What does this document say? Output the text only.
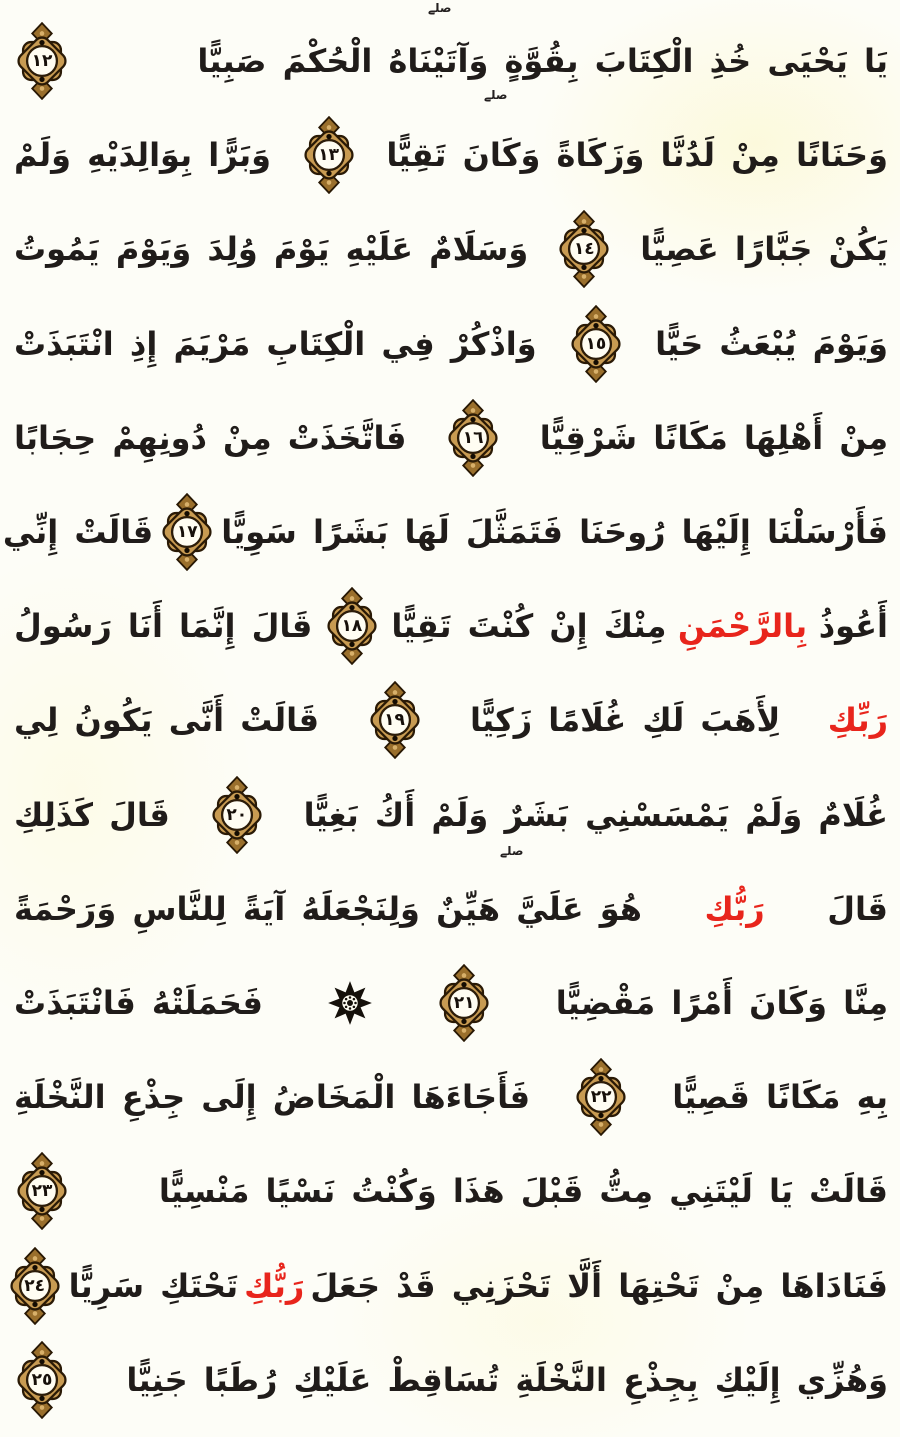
صلے
صلے
صلے
يَا يَحْيَى خُذِ الْكِتَابَ بِقُوَّةٍ وَآتَيْنَاهُ الْحُكْمَ صَبِيًّا
١٢
وَحَنَانًا مِنْ لَدُنَّا وَزَكَاةً وَكَانَ تَقِيًّا
١٣
وَبَرًّا بِوَالِدَيْهِ وَلَمْ
يَكُنْ جَبَّارًا عَصِيًّا
١٤
وَسَلَامٌ عَلَيْهِ يَوْمَ وُلِدَ وَيَوْمَ يَمُوتُ
وَيَوْمَ يُبْعَثُ حَيًّا
١٥
وَاذْكُرْ فِي الْكِتَابِ مَرْيَمَ إِذِ انْتَبَذَتْ
مِنْ أَهْلِهَا مَكَانًا شَرْقِيًّا
١٦
فَاتَّخَذَتْ مِنْ دُونِهِمْ حِجَابًا
فَأَرْسَلْنَا إِلَيْهَا رُوحَنَا فَتَمَثَّلَ لَهَا بَشَرًا سَوِيًّا
١٧
قَالَتْ إِنِّي
أَعُوذُ
بِالرَّحْمَنِ
مِنْكَ إِنْ كُنْتَ تَقِيًّا
١٨
قَالَ إِنَّمَا أَنَا رَسُولُ
رَبِّكِ
لِأَهَبَ لَكِ غُلَامًا زَكِيًّا
١٩
قَالَتْ أَنَّى يَكُونُ لِي
غُلَامٌ وَلَمْ يَمْسَسْنِي بَشَرٌ وَلَمْ أَكُ بَغِيًّا
٢٠
قَالَ كَذَلِكِ
قَالَ
رَبُّكِ
هُوَ عَلَيَّ هَيِّنٌ وَلِنَجْعَلَهُ آيَةً لِلنَّاسِ وَرَحْمَةً
مِنَّا وَكَانَ أَمْرًا مَقْضِيًّا
٢١
فَحَمَلَتْهُ فَانْتَبَذَتْ
بِهِ مَكَانًا قَصِيًّا
٢٢
فَأَجَاءَهَا الْمَخَاضُ إِلَى جِذْعِ النَّخْلَةِ
قَالَتْ يَا لَيْتَنِي مِتُّ قَبْلَ هَذَا وَكُنْتُ نَسْيًا مَنْسِيًّا
٢٣
فَنَادَاهَا مِنْ تَحْتِهَا أَلَّا تَحْزَنِي قَدْ جَعَلَ
رَبُّكِ
تَحْتَكِ سَرِيًّا
٢٤
وَهُزِّي إِلَيْكِ بِجِذْعِ النَّخْلَةِ تُسَاقِطْ عَلَيْكِ رُطَبًا جَنِيًّا
٢٥
